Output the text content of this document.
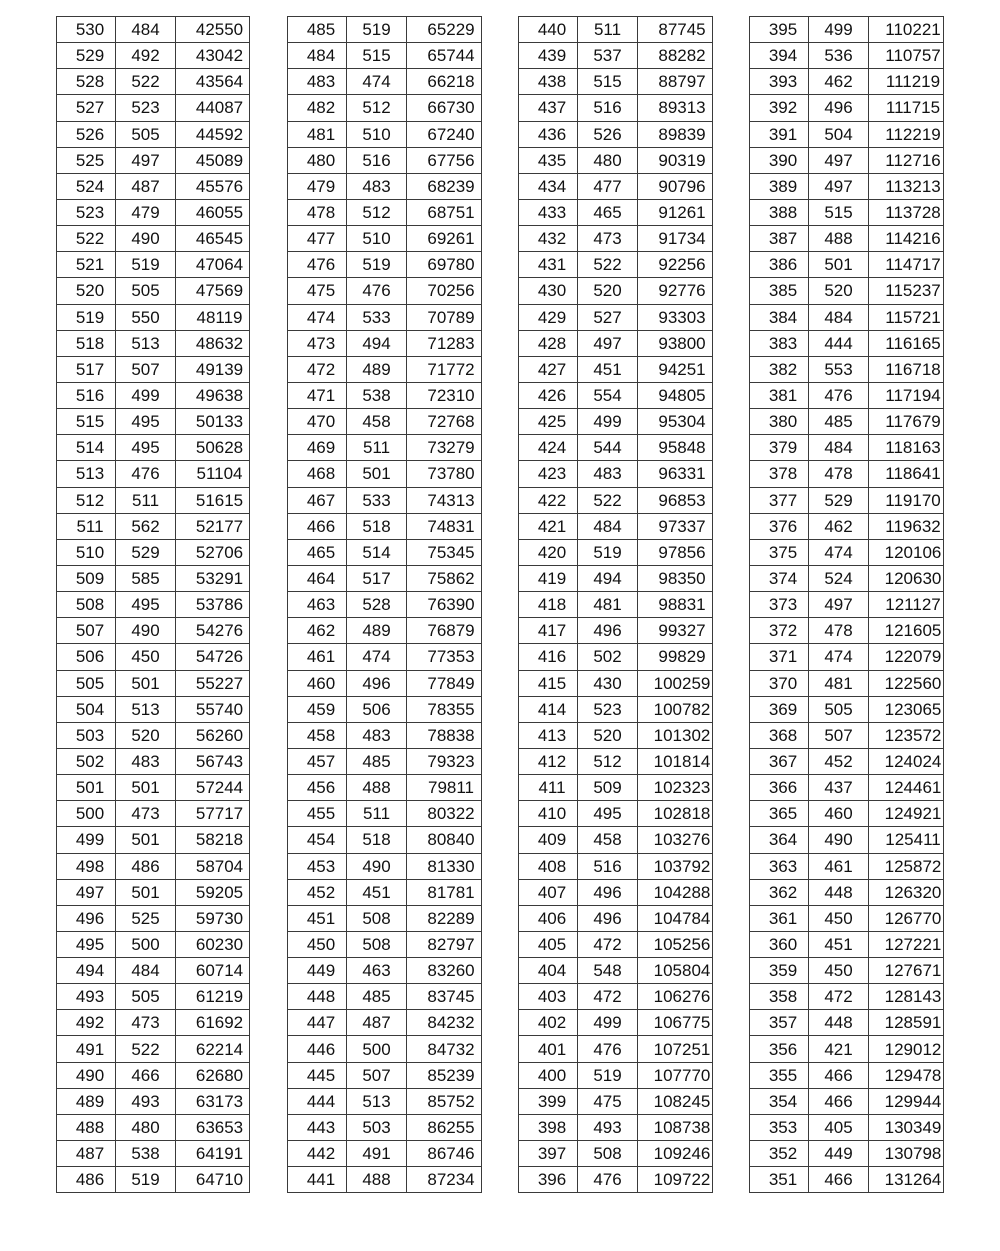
530	484	42550
529	492	43042
528	522	43564
527	523	44087
526	505	44592
525	497	45089
524	487	45576
523	479	46055
522	490	46545
521	519	47064
520	505	47569
519	550	48119
518	513	48632
517	507	49139
516	499	49638
515	495	50133
514	495	50628
513	476	51104
512	511	51615
511	562	52177
510	529	52706
509	585	53291
508	495	53786
507	490	54276
506	450	54726
505	501	55227
504	513	55740
503	520	56260
502	483	56743
501	501	57244
500	473	57717
499	501	58218
498	486	58704
497	501	59205
496	525	59730
495	500	60230
494	484	60714
493	505	61219
492	473	61692
491	522	62214
490	466	62680
489	493	63173
488	480	63653
487	538	64191
486	519	64710
485	519	65229
484	515	65744
483	474	66218
482	512	66730
481	510	67240
480	516	67756
479	483	68239
478	512	68751
477	510	69261
476	519	69780
475	476	70256
474	533	70789
473	494	71283
472	489	71772
471	538	72310
470	458	72768
469	511	73279
468	501	73780
467	533	74313
466	518	74831
465	514	75345
464	517	75862
463	528	76390
462	489	76879
461	474	77353
460	496	77849
459	506	78355
458	483	78838
457	485	79323
456	488	79811
455	511	80322
454	518	80840
453	490	81330
452	451	81781
451	508	82289
450	508	82797
449	463	83260
448	485	83745
447	487	84232
446	500	84732
445	507	85239
444	513	85752
443	503	86255
442	491	86746
441	488	87234
440	511	87745
439	537	88282
438	515	88797
437	516	89313
436	526	89839
435	480	90319
434	477	90796
433	465	91261
432	473	91734
431	522	92256
430	520	92776
429	527	93303
428	497	93800
427	451	94251
426	554	94805
425	499	95304
424	544	95848
423	483	96331
422	522	96853
421	484	97337
420	519	97856
419	494	98350
418	481	98831
417	496	99327
416	502	99829
415	430	100259
414	523	100782
413	520	101302
412	512	101814
411	509	102323
410	495	102818
409	458	103276
408	516	103792
407	496	104288
406	496	104784
405	472	105256
404	548	105804
403	472	106276
402	499	106775
401	476	107251
400	519	107770
399	475	108245
398	493	108738
397	508	109246
396	476	109722
395	499	110221
394	536	110757
393	462	111219
392	496	111715
391	504	112219
390	497	112716
389	497	113213
388	515	113728
387	488	114216
386	501	114717
385	520	115237
384	484	115721
383	444	116165
382	553	116718
381	476	117194
380	485	117679
379	484	118163
378	478	118641
377	529	119170
376	462	119632
375	474	120106
374	524	120630
373	497	121127
372	478	121605
371	474	122079
370	481	122560
369	505	123065
368	507	123572
367	452	124024
366	437	124461
365	460	124921
364	490	125411
363	461	125872
362	448	126320
361	450	126770
360	451	127221
359	450	127671
358	472	128143
357	448	128591
356	421	129012
355	466	129478
354	466	129944
353	405	130349
352	449	130798
351	466	131264
